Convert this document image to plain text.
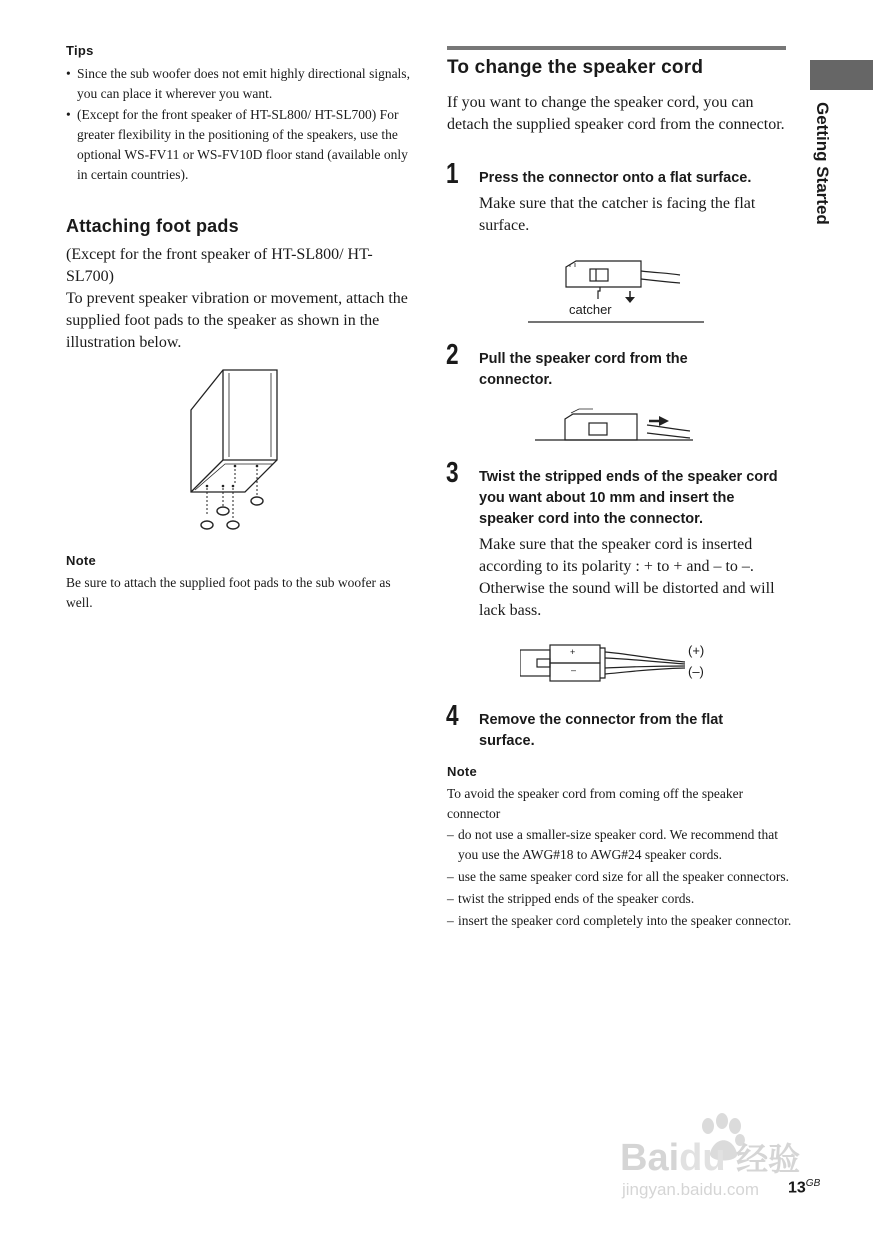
Tips
• Since the sub woofer does not emit highly directional signals, you can place it wherever you want.
• (Except for the front speaker of HT-SL800/ HT-SL700) For greater flexibility in the positioning of the speakers, use the optional WS-FV11 or WS-FV10D floor stand (available only in certain countries).
Attaching foot pads
(Except for the front speaker of HT-SL800/ HT-SL700)
To prevent speaker vibration or movement, attach the supplied foot pads to the speaker as shown in the illustration below.
Note
Be sure to attach the supplied foot pads to the sub woofer as well.
To change the speaker cord
If you want to change the speaker cord, you can detach the supplied speaker cord from the connector.
1 Press the connector onto a flat surface.
Make sure that the catcher is facing the flat surface.
catcher
2 Pull the speaker cord from the connector.
3 Twist the stripped ends of the speaker cord you want about 10 mm and insert the speaker cord into the connector.
Make sure that the speaker cord is inserted according to its polarity : + to + and – to –. Otherwise the sound will be distorted and will lack bass.
+
–
(+)
(–)
4 Remove the connector from the flat surface.
Note
To avoid the speaker cord from coming off the speaker connector
– do not use a smaller-size speaker cord. We recommend that you use the AWG#18 to AWG#24 speaker cords.
– use the same speaker cord size for all the speaker connectors.
– twist the stripped ends of the speaker cords.
– insert the speaker cord completely into the speaker connector.
Getting Started
Baidu 经验
jingyan.baidu.com $13^{GB}$
